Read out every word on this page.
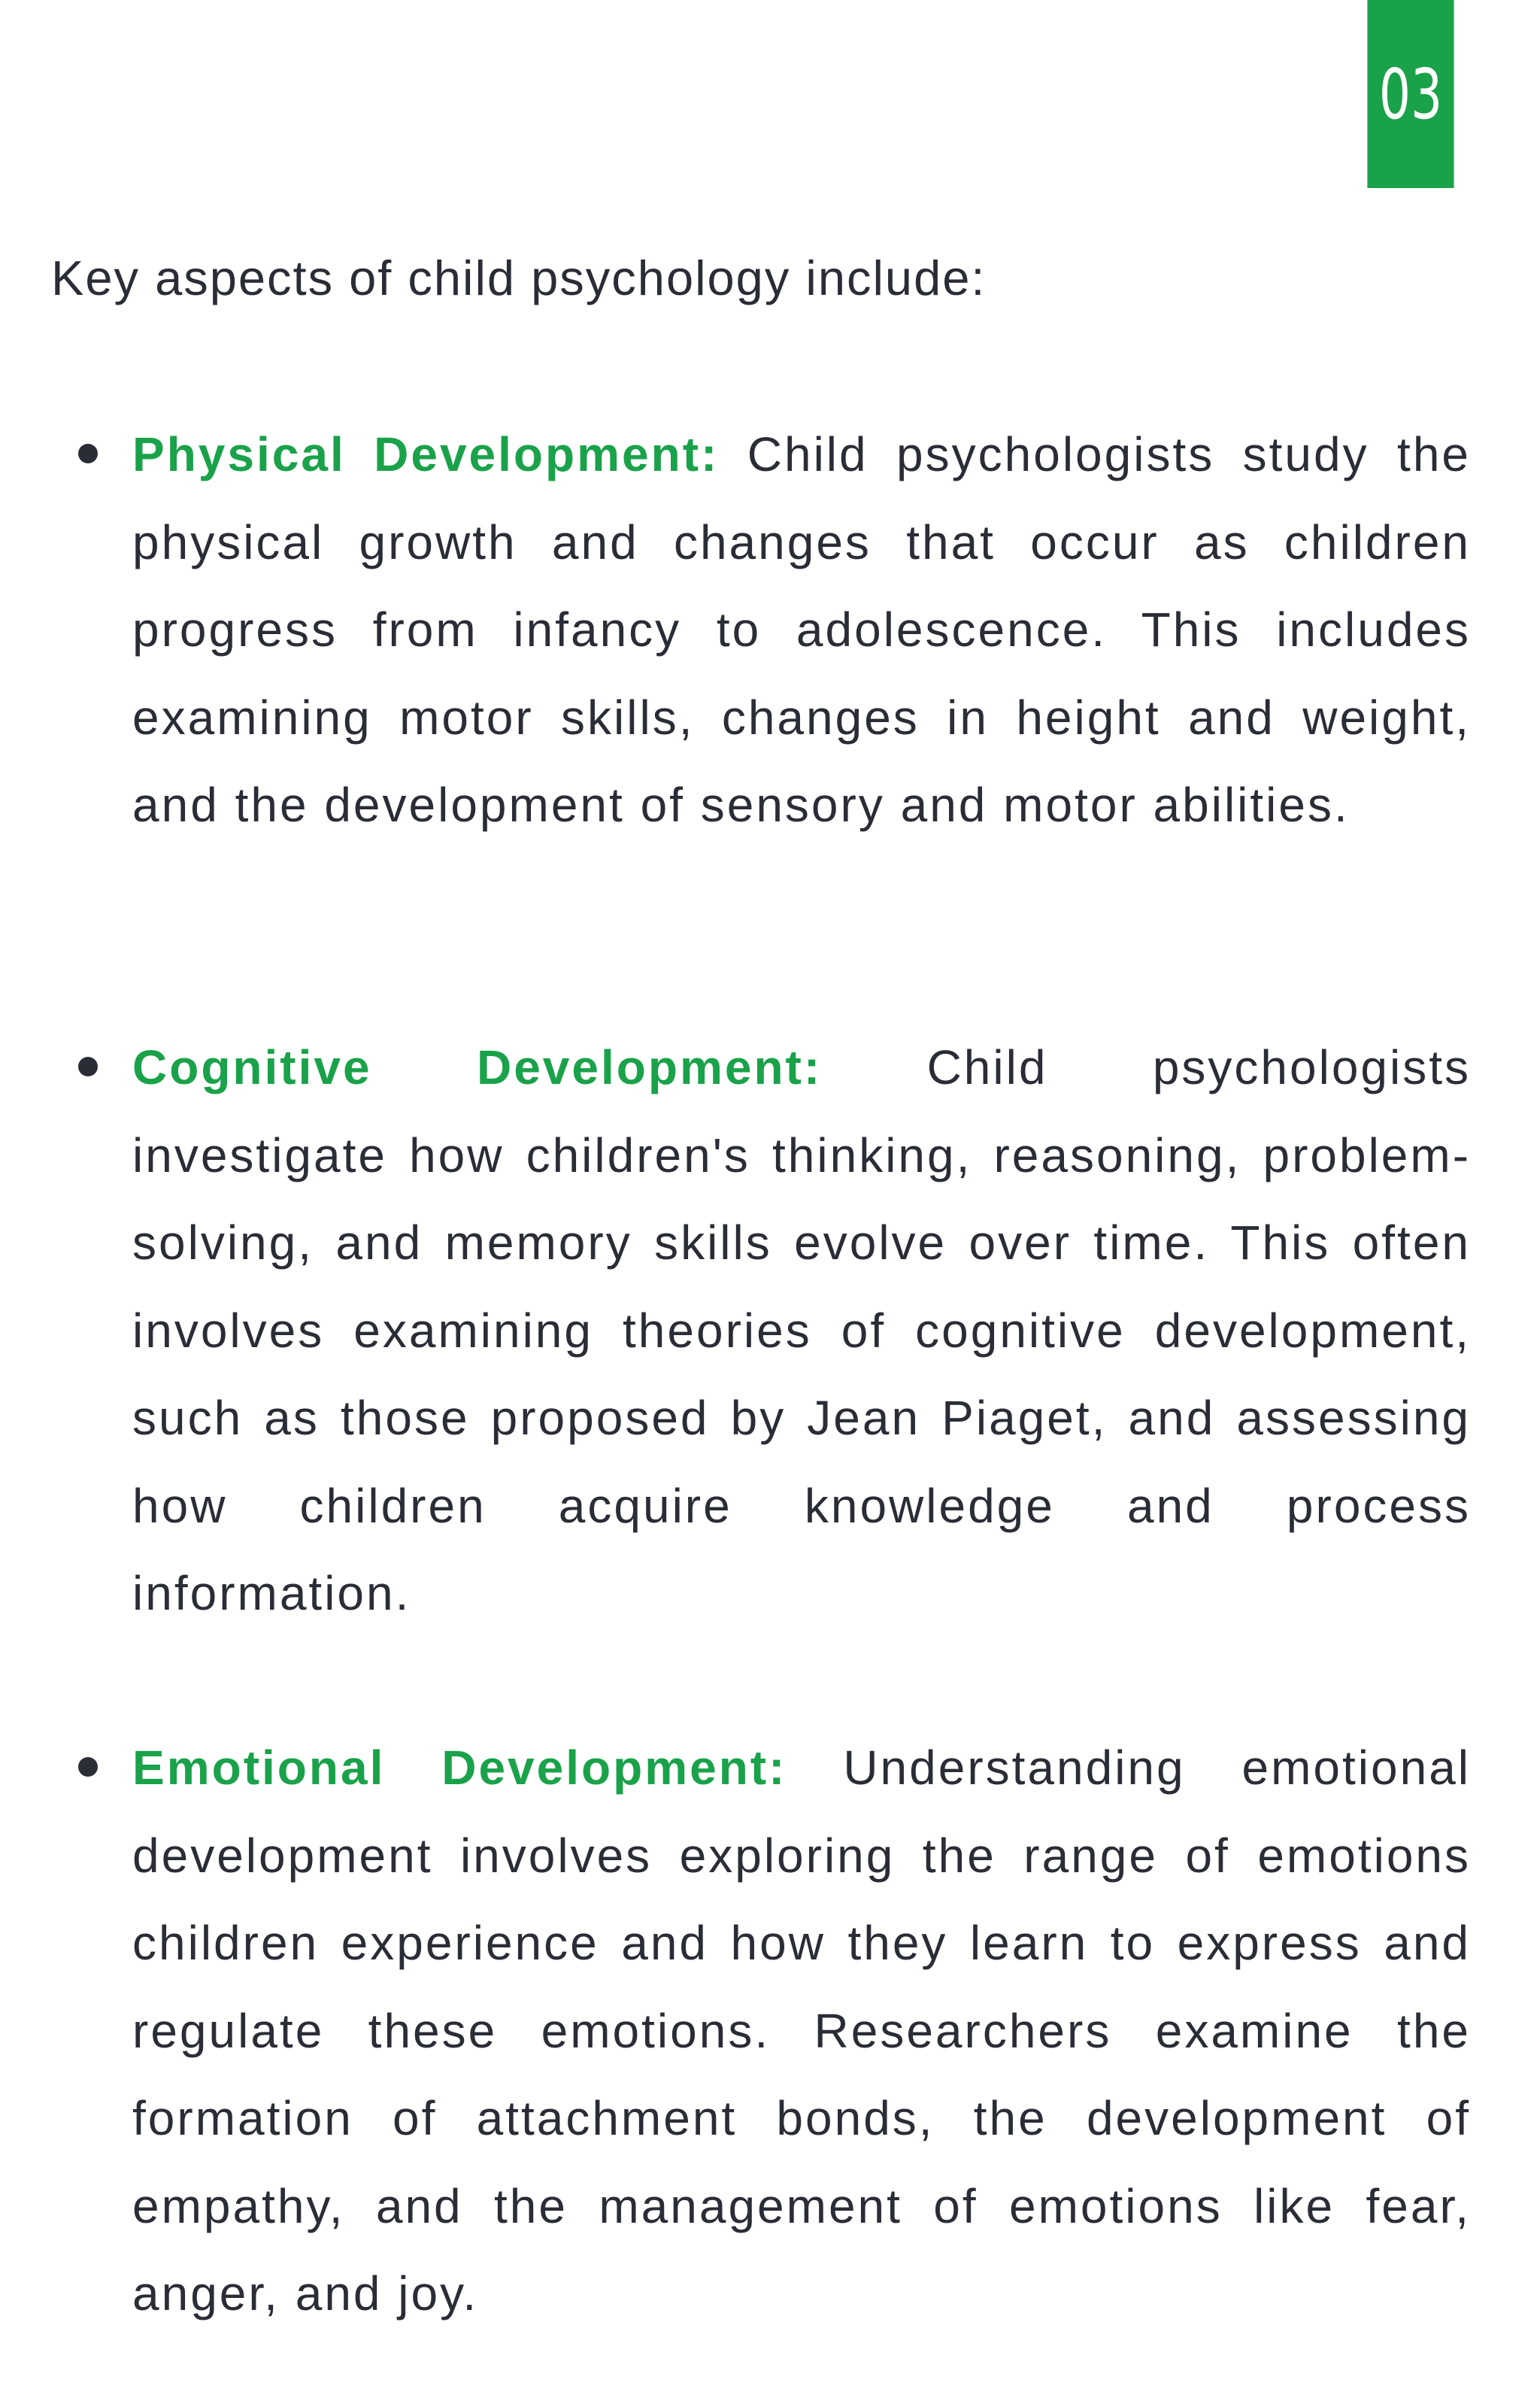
03

Key aspects of child psychology include:

Physical Development: Child psychologists study the physical growth and changes that occur as children progress from infancy to adolescence. This includes examining motor skills, changes in height and weight, and the development of sensory and motor abilities.
Cognitive Development: Child psychologists investigate how children's thinking, reasoning, problem-solving, and memory skills evolve over time. This often involves examining theories of cognitive development, such as those proposed by Jean Piaget, and assessing how children acquire knowledge and process information.
Emotional Development: Understanding emotional development involves exploring the range of emotions children experience and how they learn to express and regulate these emotions. Researchers examine the formation of attachment bonds, the development of empathy, and the management of emotions like fear, anger, and joy.
